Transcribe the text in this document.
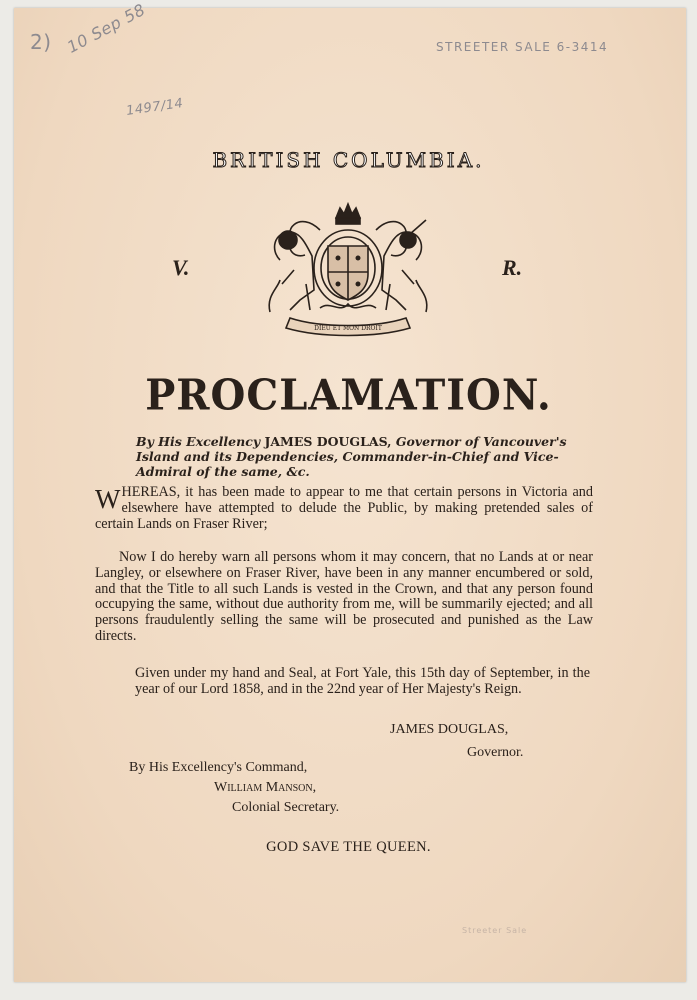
2) 10 Sep 58
1497/14
STREETER SALE 6-3414
Streeter Sale
BRITISH COLUMBIA.
V.	R.
DIEU ET MON DROIT
PROCLAMATION.
By His Excellency JAMES DOUGLAS, Governor of Vancouver's Island and its Dependencies, Commander-in-Chief and Vice-Admiral of the same, &c.
WHEREAS, it has been made to appear to me that certain persons in Victoria and elsewhere have attempted to delude the Public, by making pretended sales of certain Lands on Fraser River;
Now I do hereby warn all persons whom it may concern, that no Lands at or near Langley, or elsewhere on Fraser River, have been in any manner encumbered or sold, and that the Title to all such Lands is vested in the Crown, and that any person found occupying the same, without due authority from me, will be summarily ejected; and all persons fraudulently selling the same will be prosecuted and punished as the Law directs.
Given under my hand and Seal, at Fort Yale, this 15th day of September, in the year of our Lord 1858, and in the 22nd year of Her Majesty's Reign.
JAMES DOUGLAS,
Governor.
By His Excellency's Command,
William Manson,
Colonial Secretary.
GOD SAVE THE QUEEN.
